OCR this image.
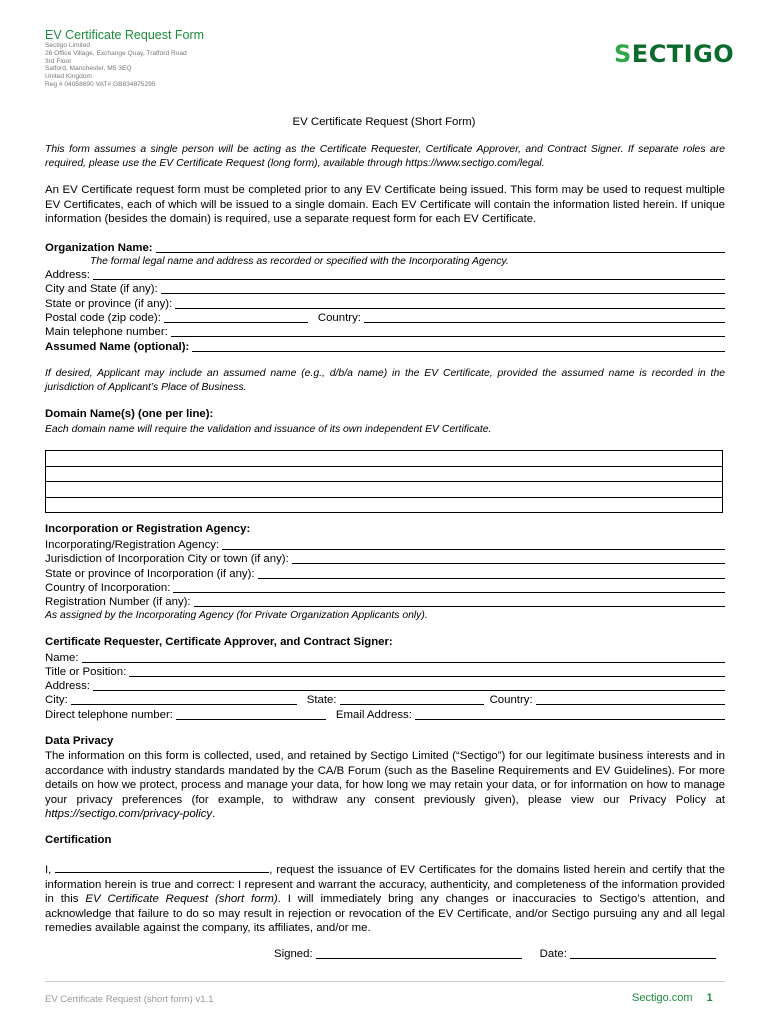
EV Certificate Request Form
Sectigo Limited
26 Office Village, Exchange Quay, Trafford Road
3rd Floor
Salford, Manchester, M5 3EQ
United Kingdom
Reg # 04058690 VAT# GB834875295
SECTIGO
EV Certificate Request (Short Form)
This form assumes a single person will be acting as the Certificate Requester, Certificate Approver, and Contract Signer. If separate roles are required, please use the EV Certificate Request (long form), available through https://www.sectigo.com/legal.
An EV Certificate request form must be completed prior to any EV Certificate being issued. This form may be used to request multiple EV Certificates, each of which will be issued to a single domain. Each EV Certificate will contain the information listed herein. If unique information (besides the domain) is required, use a separate request form for each EV Certificate.
Organization Name:
The formal legal name and address as recorded or specified with the Incorporating Agency.
Address:
City and State (if any):
State or province (if any):
Postal code (zip code):	Country:
Main telephone number:
Assumed Name (optional):
If desired, Applicant may include an assumed name (e.g., d/b/a name) in the EV Certificate, provided the assumed name is recorded in the jurisdiction of Applicant’s Place of Business.
Domain Name(s) (one per line):
Each domain name will require the validation and issuance of its own independent EV Certificate.
Incorporation or Registration Agency:
Incorporating/Registration Agency:
Jurisdiction of Incorporation City or town (if any):
State or province of Incorporation (if any):
Country of Incorporation:
Registration Number (if any):
As assigned by the Incorporating Agency (for Private Organization Applicants only).
Certificate Requester, Certificate Approver, and Contract Signer:
Name:
Title or Position:
Address:
City:	State:	Country:
Direct telephone number:	Email Address:
Data Privacy
The information on this form is collected, used, and retained by Sectigo Limited (“Sectigo”) for our legitimate business interests and in accordance with industry standards mandated by the CA/B Forum (such as the Baseline Requirements and EV Guidelines). For more details on how we protect, process and manage your data, for how long we may retain your data, or for information on how to manage your privacy preferences (for example, to withdraw any consent previously given), please view our Privacy Policy at https://sectigo.com/privacy-policy.
Certification
I,	, request the issuance of EV Certificates for the domains listed herein and certify that the information herein is true and correct: I represent and warrant the accuracy, authenticity, and completeness of the information provided in this EV Certificate Request (short form). I will immediately bring any changes or inaccuracies to Sectigo’s attention, and acknowledge that failure to do so may result in rejection or revocation of the EV Certificate, and/or Sectigo pursuing any and all legal remedies available against the company, its affiliates, and/or me.
Signed:	Date:
EV Certificate Request (short form) v1.1	Sectigo.com 1
